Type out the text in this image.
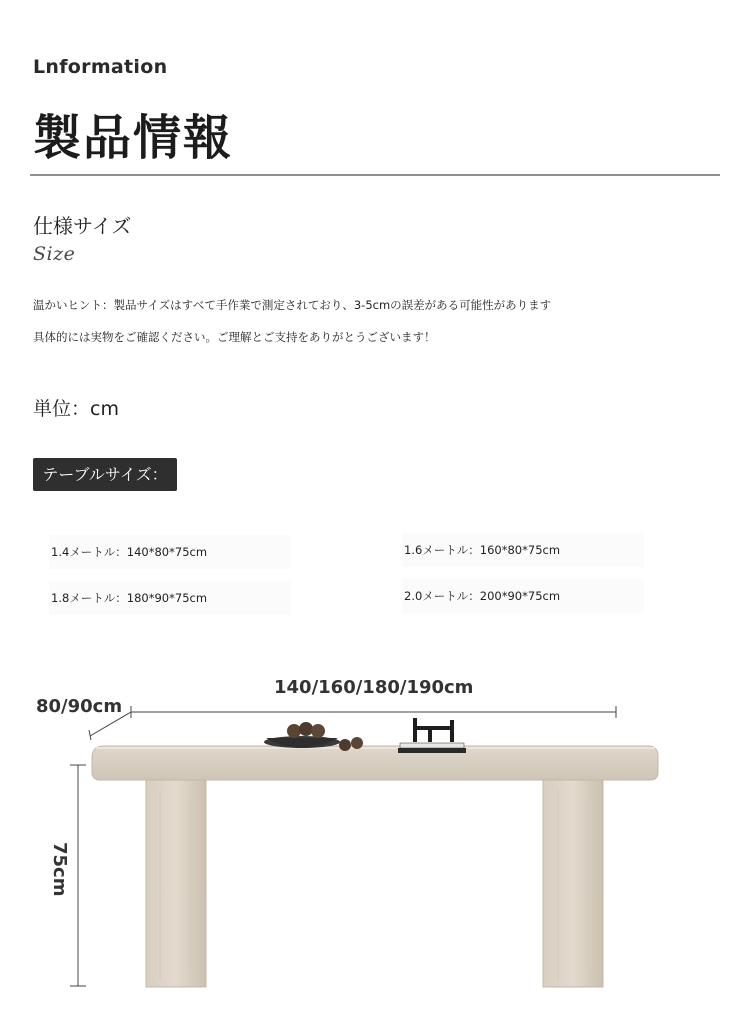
Lnformation
製品情報
仕様サイズ
Size
温かいヒント：製品サイズはすべて手作業で測定されており、3-5cmの誤差がある可能性があります
具体的には実物をご確認ください。ご理解とご支持をありがとうございます！
単位：cm
テーブルサイズ：
1.4メートル：140*80*75cm	1.6メートル：160*80*75cm
1.8メートル：180*90*75cm	2.0メートル：200*90*75cm
140/160/180/190cm
80/90cm
75cm
